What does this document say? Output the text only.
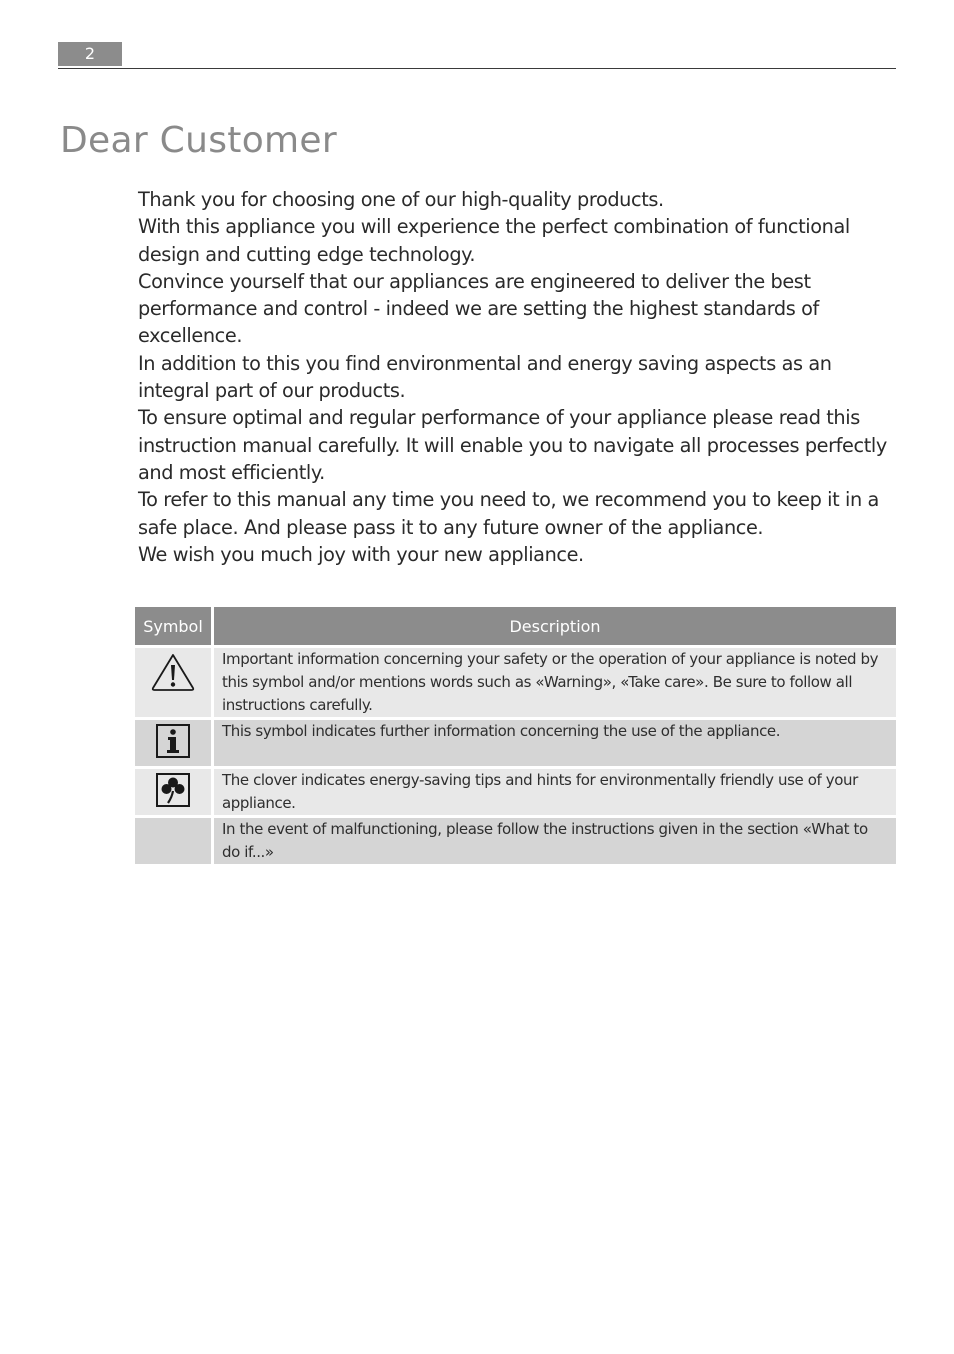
2
Dear Customer

Thank you for choosing one of our high-quality products.

With this appliance you will experience the perfect combination of functional design and cutting edge technology.

Convince yourself that our appliances are engineered to deliver the best performance and control - indeed we are setting the highest standards of excellence.

In addition to this you find environmental and energy saving aspects as an integral part of our products.

To ensure optimal and regular performance of your appliance please read this instruction manual carefully. It will enable you to navigate all processes perfectly and most efficiently.

To refer to this manual any time you need to, we recommend you to keep it in a safe place. And please pass it to any future owner of the appliance.

We wish you much joy with your new appliance.

Symbol	Description
	Important information concerning your safety or the operation of your appliance is noted by this symbol and/or mentions words such as «Warning», «Take care». Be sure to follow all instructions carefully.
	This symbol indicates further information concerning the use of the appliance.
	The clover indicates energy-saving tips and hints for environmentally friendly use of your appliance.
	In the event of malfunctioning, please follow the instructions given in the section «What to do if...»
